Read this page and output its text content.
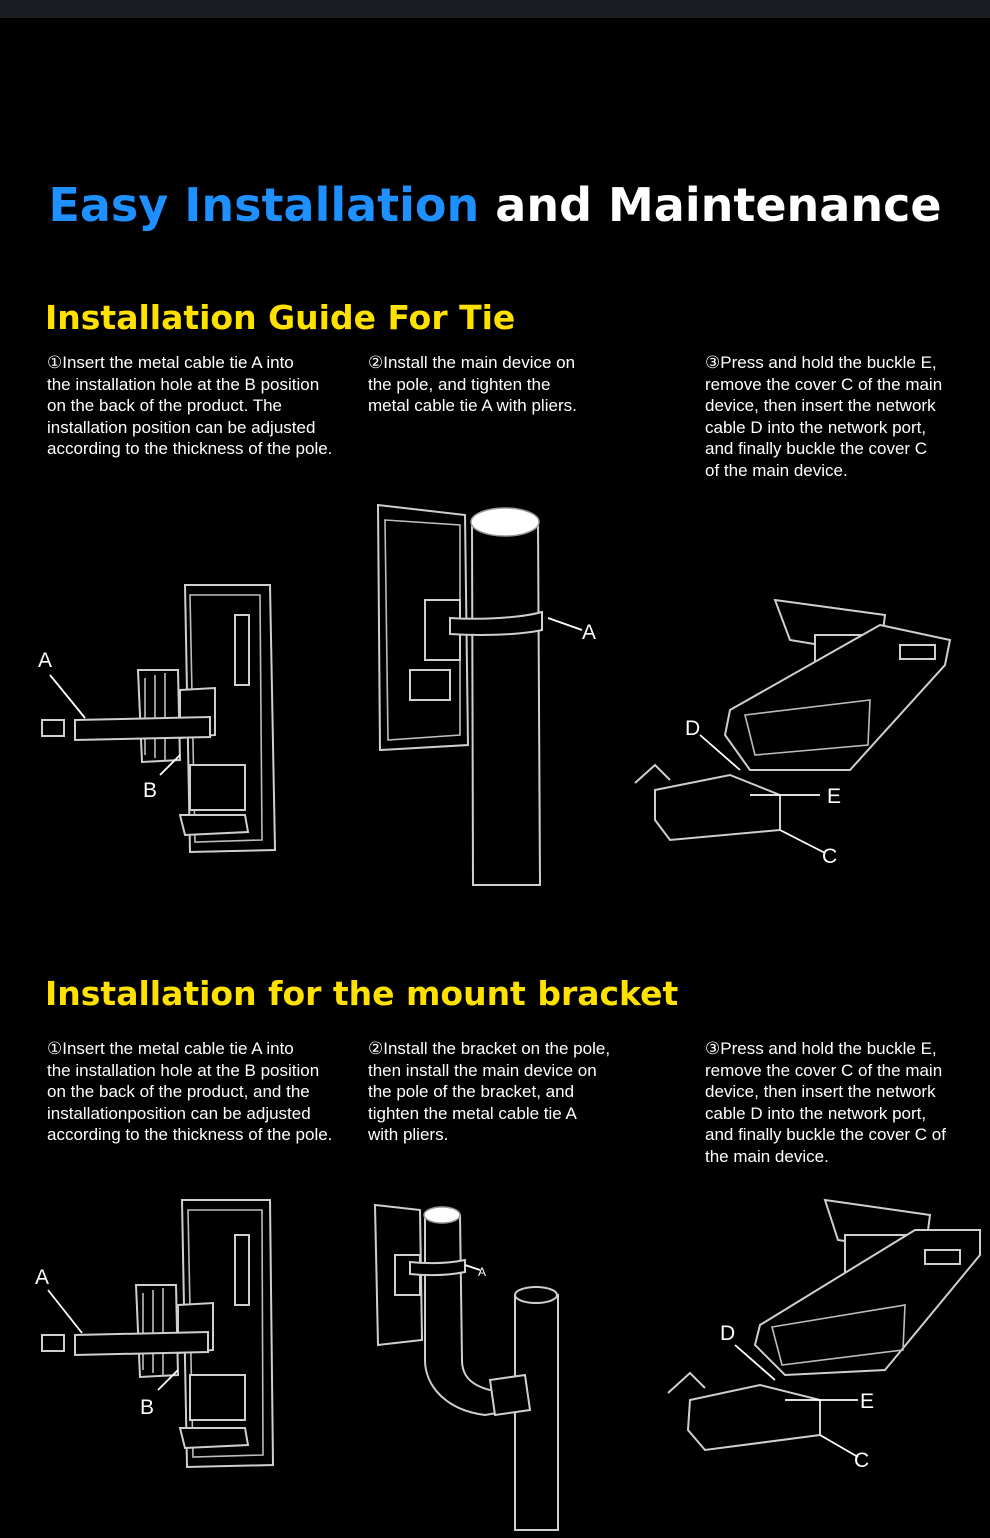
Easy Installation and Maintenance
Installation Guide For Tie
①Insert the metal cable tie A into
the installation hole at the B position
on the back of the product. The
installation position can be adjusted
according to the thickness of the pole.
②Install the main device on
the pole, and tighten the
metal cable tie A with pliers.
③Press and hold the buckle E,
remove the cover C of the main
device, then insert the network
cable D into the network port,
and finally buckle the cover C
of the main device.
A
B
A
D
E
C
Installation for the mount bracket
①Insert the metal cable tie A into
the installation hole at the B position
on the back of the product, and the
installationposition can be adjusted
according to the thickness of the pole.
②Install the bracket on the pole,
then install the main device on
the pole of the bracket, and
tighten the metal cable tie A
with pliers.
③Press and hold the buckle E,
remove the cover C of the main
device, then insert the network
cable D into the network port,
and finally buckle the cover C of
the main device.
A
B
A
D
E
C
